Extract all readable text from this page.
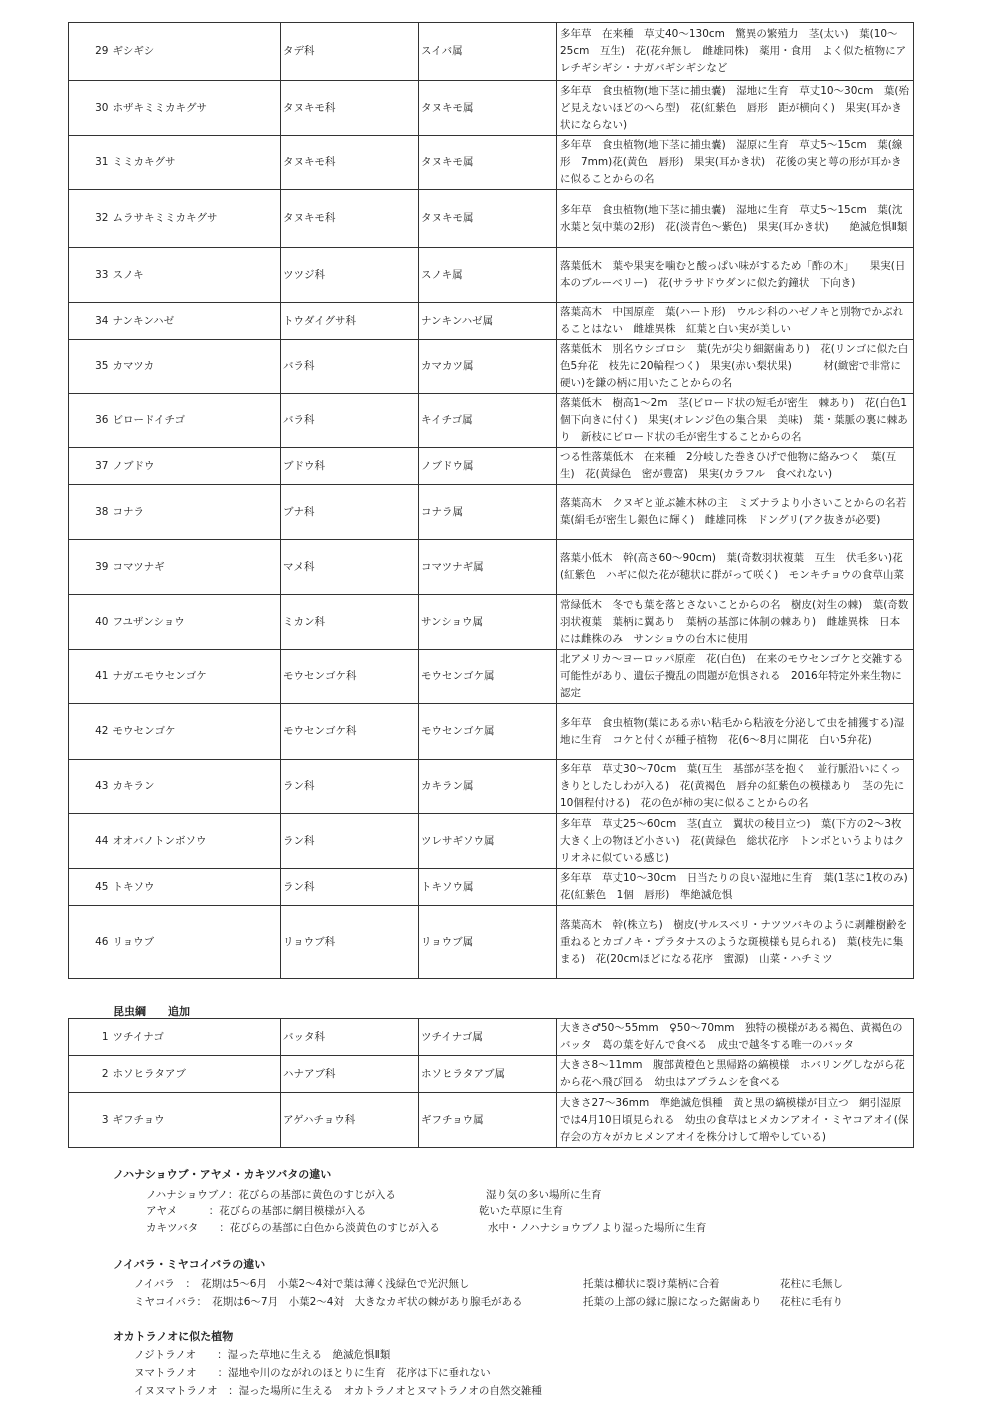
29	ギシギシ	タデ科	スイバ属	多年草　在来種　草丈40～130cm　驚異の繁殖力　茎(太い)　葉(10～25cm　互生)　花(花弁無し　雌雄同株)　薬用・食用　よく似た植物にアレチギシギシ・ナガバギシギシなど
30	ホザキミミカキグサ	タヌキモ科	タヌキモ属	多年草　食虫植物(地下茎に捕虫嚢)　湿地に生育　草丈10～30cm　葉(殆ど見えないほどのへら型)　花(紅紫色　唇形　距が横向く)　果実(耳かき状にならない)
31	ミミカキグサ	タヌキモ科	タヌキモ属	多年草　食虫植物(地下茎に捕虫嚢)　湿原に生育　草丈5～15cm　葉(線形　7mm)花(黄色　唇形)　果実(耳かき状)　花後の実と萼の形が耳かきに似ることからの名
32	ムラサキミミカキグサ	タヌキモ科	タヌキモ属	多年草　食虫植物(地下茎に捕虫嚢)　湿地に生育　草丈5～15cm　葉(沈水葉と気中葉の2形)　花(淡青色～紫色)　果実(耳かき状)　　絶滅危惧Ⅱ類
33	スノキ	ツツジ科	スノキ属	落葉低木　葉や果実を噛むと酸っぱい味がするため「酢の木」　　果実(日本のブルーベリー)　花(サラサドウダンに似た釣鐘状　下向き)
34	ナンキンハゼ	トウダイグサ科	ナンキンハゼ属	落葉高木　中国原産　葉(ハート形)　ウルシ科のハゼノキと別物でかぶれることはない　雌雄異株　紅葉と白い実が美しい
35	カマツカ	バラ科	カマカツ属	落葉低木　別名ウシゴロシ　葉(先が尖り細鋸歯あり)　花(リンゴに似た白色5弁花　枝先に20輪程つく)　果実(赤い梨状果)　　　材(緻密で非常に硬い)を鎌の柄に用いたことからの名
36	ビロードイチゴ	バラ科	キイチゴ属	落葉低木　樹高1～2m　茎(ビロード状の短毛が密生　棘あり)　花(白色1個下向きに付く)　果実(オレンジ色の集合果　美味)　葉・葉脈の裏に棘あり　新枝にビロード状の毛が密生することからの名
37	ノブドウ	ブドウ科	ノブドウ属	つる性落葉低木　在来種　2分岐した巻きひげで他物に絡みつく　葉(互生)　花(黄緑色　密が豊富)　果実(カラフル　食べれない)
38	コナラ	ブナ科	コナラ属	落葉高木　クヌギと並ぶ雑木林の主　ミズナラより小さいことからの名若葉(絹毛が密生し銀色に輝く)　雌雄同株　ドングリ(アク抜きが必要)
39	コマツナギ	マメ科	コマツナギ属	落葉小低木　幹(高さ60～90cm)　葉(奇数羽状複葉　互生　伏毛多い)花(紅紫色　ハギに似た花が穂状に群がって咲く)　モンキチョウの食草山菜
40	フユザンショウ	ミカン科	サンショウ属	常緑低木　冬でも葉を落とさないことからの名　樹皮(対生の棘)　葉(奇数羽状複葉　葉柄に翼あり　葉柄の基部に体制の棘あり)　雌雄異株　日本には雌株のみ　サンショウの台木に使用
41	ナガエモウセンゴケ	モウセンゴケ科	モウセンゴケ属	北アメリカ～ヨーロッパ原産　花(白色)　在来のモウセンゴケと交雑する可能性があり、遺伝子攪乱の問題が危惧される　2016年特定外来生物に認定
42	モウセンゴケ	モウセンゴケ科	モウセンゴケ属	多年草　食虫植物(葉にある赤い粘毛から粘液を分泌して虫を捕獲する)湿地に生育　コケと付くが種子植物　花(6～8月に開花　白い5弁花)
43	カキラン	ラン科	カキラン属	多年草　草丈30～70cm　葉(互生　基部が茎を抱く　並行脈沿いにくっきりとしたしわが入る)　花(黄褐色　唇弁の紅紫色の模様あり　茎の先に10個程付ける)　花の色が柿の実に似ることからの名
44	オオバノトンボソウ	ラン科	ツレサギソウ属	多年草　草丈25～60cm　茎(直立　翼状の稜目立つ)　葉(下方の2～3枚大きく上の物ほど小さい)　花(黄緑色　総状花序　トンボというよりはクリオネに似ている感じ)
45	トキソウ	ラン科	トキソウ属	多年草　草丈10～30cm　日当たりの良い湿地に生育　葉(1茎に1枚のみ)　花(紅紫色　1個　唇形)　準絶滅危惧
46	リョウブ	リョウブ科	リョウブ属	落葉高木　幹(株立ち)　樹皮(サルスベリ・ナツツバキのように剥離樹齢を重ねるとカゴノキ・プラタナスのような斑模様も見られる)　葉(枝先に集まる)　花(20cmほどになる花序　蜜源)　山菜・ハチミツ
昆虫綱　　追加
1	ツチイナゴ	バッタ科	ツチイナゴ属	大きさ♂50～55mm　♀50～70mm　独特の模様がある褐色、黄褐色のバッタ　葛の葉を好んで食べる　成虫で越冬する唯一のバッタ
2	ホソヒラタアブ	ハナアブ科	ホソヒラタアブ属	大きさ8～11mm　腹部黄橙色と黒帰路の縞模様　ホバリングしながら花から花へ飛び回る　幼虫はアブラムシを食べる
3	ギフチョウ	アゲハチョウ科	ギフチョウ属	大きさ27～36mm　準絶滅危惧種　黄と黒の縞模様が目立つ　網引湿原では4月10日頃見られる　幼虫の食草はヒメカンアオイ・ミヤコアオイ(保存会の方々がカヒメンアオイを株分けして増やしている)
ノハナショウブ・アヤメ・カキツバタの違い
ノハナショウブノ：花びらの基部に黄色のすじが入る	湿り気の多い場所に生育
アヤメ　　　：花びらの基部に網目模様が入る	乾いた草原に生育
カキツバタ　　：花びらの基部に白色から淡黄色のすじが入る	水中・ノハナショウブノより湿った場所に生育
ノイバラ・ミヤコイバラの違い
ノイバラ　：　花期は5～6月　小葉2～4対で葉は薄く浅緑色で光沢無し	托葉は櫛状に裂け葉柄に合着	花柱に毛無し
ミヤコイバラ：　花期は6～7月　小葉2～4対　大きなカギ状の棘があり腺毛がある	托葉の上部の縁に腺になった鋸歯あり 花柱に毛有り
オカトラノオに似た植物
ノジトラノオ　　：湿った草地に生える　絶滅危惧Ⅱ類
ヌマトラノオ　　：湿地や川のながれのほとりに生育　花序は下に垂れない
イヌヌマトラノオ　：湿った場所に生える　オカトラノオとヌマトラノオの自然交雑種
